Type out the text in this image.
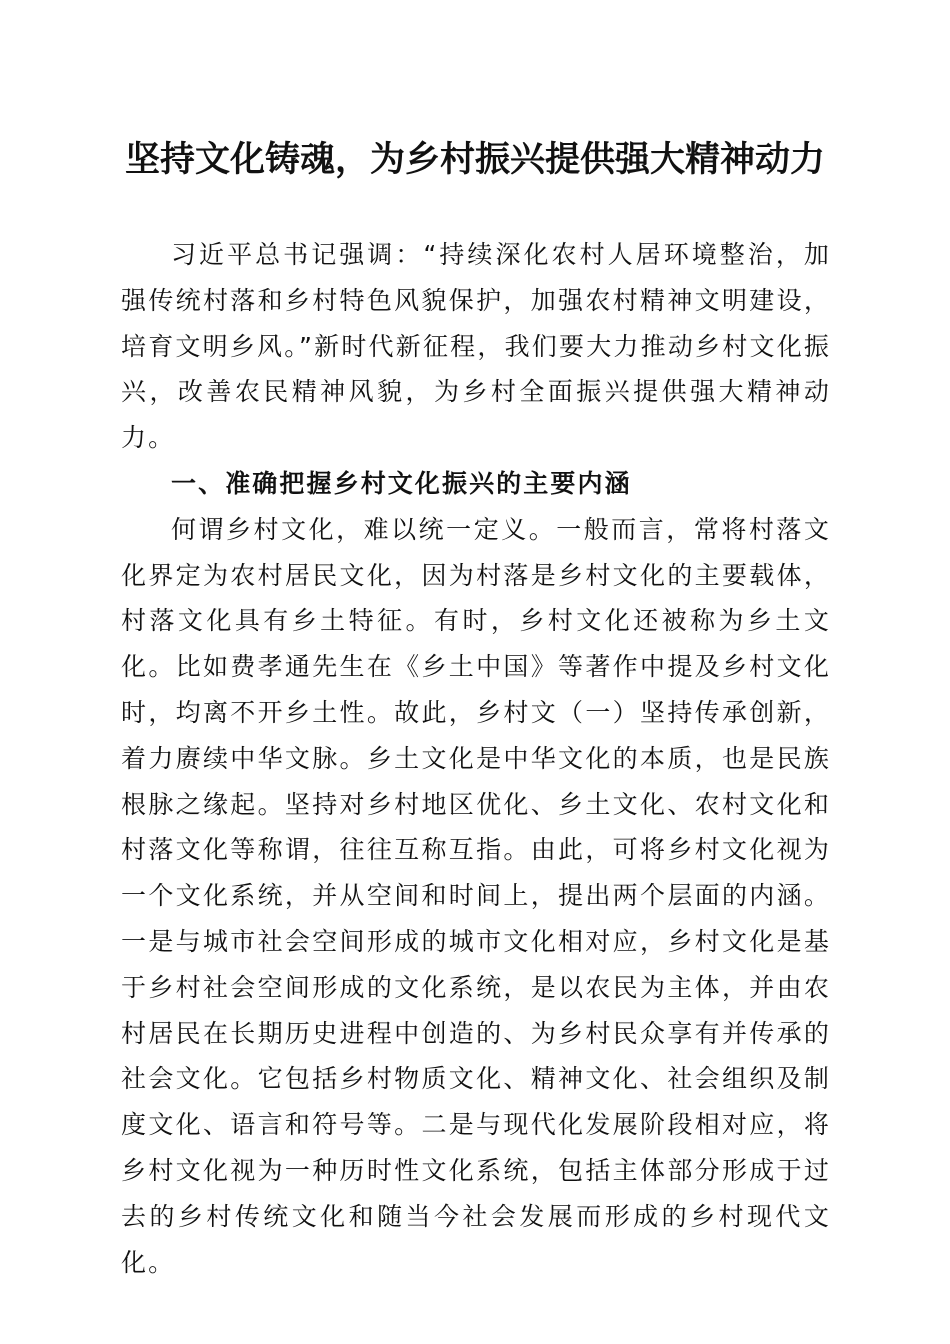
坚持文化铸魂，为乡村振兴提供强大精神动力

习近平总书记强调：“持续深化农村人居环境整治，加强传统村落和乡村特色风貌保护，加强农村精神文明建设，培育文明乡风。”新时代新征程，我们要大力推动乡村文化振兴，改善农民精神风貌，为乡村全面振兴提供强大精神动力。

一、准确把握乡村文化振兴的主要内涵

何谓乡村文化，难以统一定义。一般而言，常将村落文化界定为农村居民文化，因为村落是乡村文化的主要载体，村落文化具有乡土特征。有时，乡村文化还被称为乡土文化。比如费孝通先生在《乡土中国》等著作中提及乡村文化时，均离不开乡土性。故此，乡村文（一）坚持传承创新，着力赓续中华文脉。乡土文化是中华文化的本质，也是民族根脉之缘起。坚持对乡村地区优化、乡土文化、农村文化和村落文化等称谓，往往互称互指。由此，可将乡村文化视为一个文化系统，并从空间和时间上，提出两个层面的内涵。一是与城市社会空间形成的城市文化相对应，乡村文化是基于乡村社会空间形成的文化系统，是以农民为主体，并由农村居民在长期历史进程中创造的、为乡村民众享有并传承的社会文化。它包括乡村物质文化、精神文化、社会组织及制度文化、语言和符号等。二是与现代化发展阶段相对应，将乡村文化视为一种历时性文化系统，包括主体部分形成于过去的乡村传统文化和随当今社会发展而形成的乡村现代文化。
